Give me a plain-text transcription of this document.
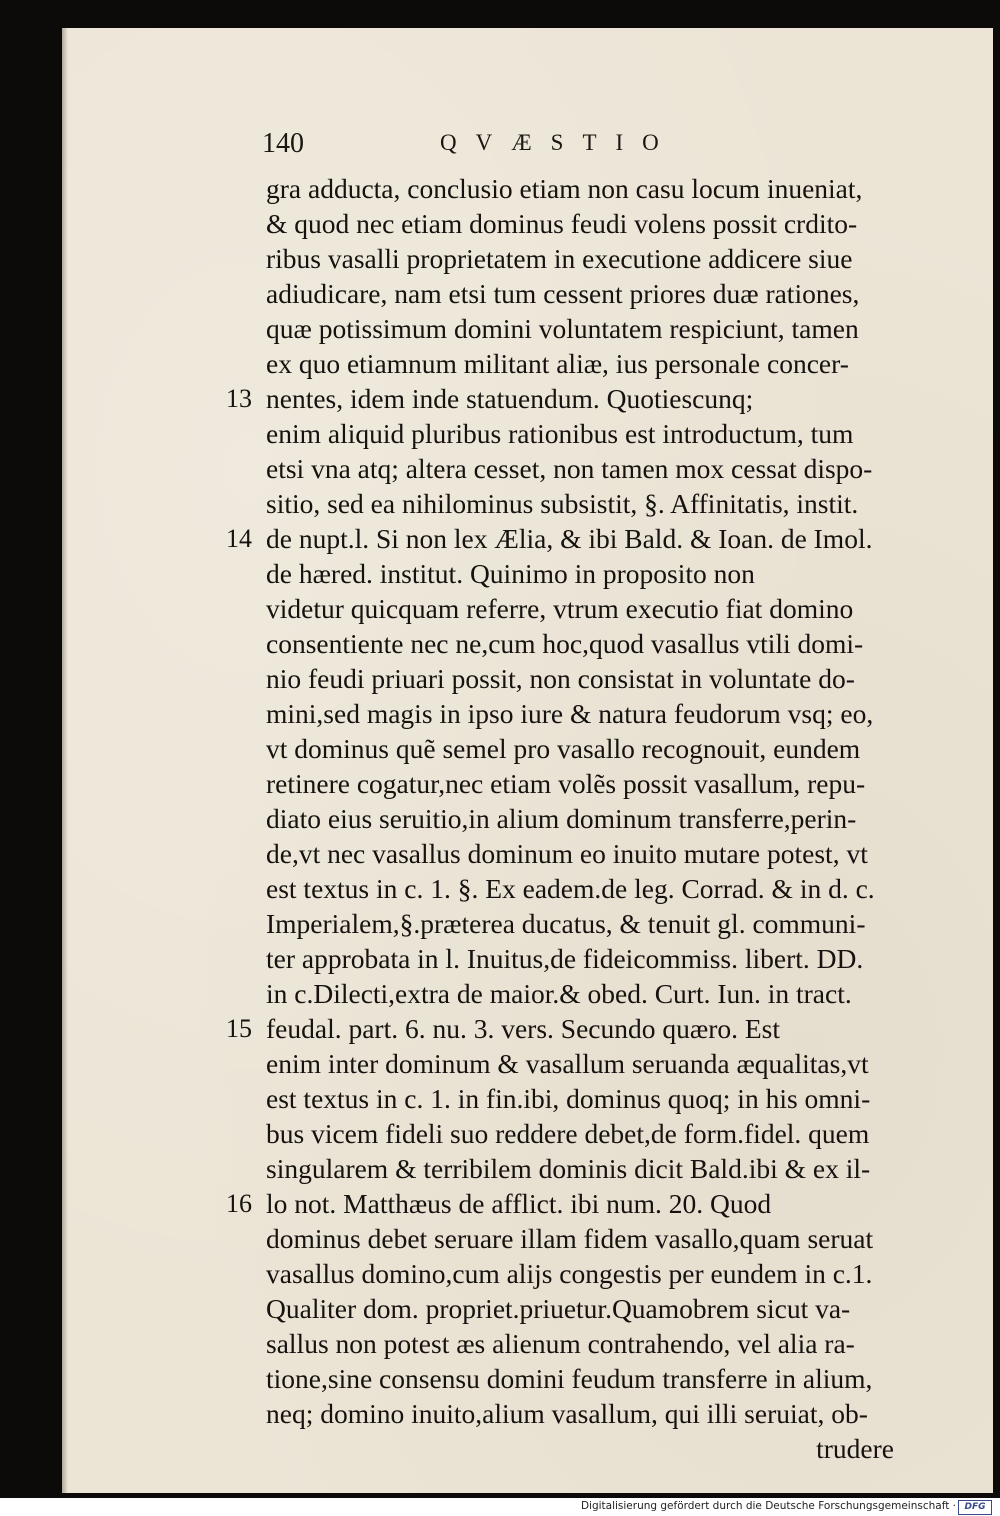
140	QVÆSTIO
gra adducta, conclusio etiam non casu locum inueniat,
& quod nec etiam dominus feudi volens possit crdito-
ribus vasalli proprietatem in executione addicere siue
adiudicare, nam etsi tum cessent priores duæ rationes,
quæ potissimum domini voluntatem respiciunt, tamen
ex quo etiamnum militant aliæ, ius personale concer-
nentes, idem inde statuendum. Quotiescunq;
enim aliquid pluribus rationibus est introductum, tum
etsi vna atq; altera cesset, non tamen mox cessat dispo-
sitio, sed ea nihilominus subsistit, §. Affinitatis, instit.
de nupt.l. Si non lex Ælia, & ibi Bald. & Ioan. de Imol.
de hæred. institut. Quinimo in proposito non
videtur quicquam referre, vtrum executio fiat domino
consentiente nec ne,cum hoc,quod vasallus vtili domi-
nio feudi priuari possit, non consistat in voluntate do-
mini,sed magis in ipso iure & natura feudorum vsq; eo,
vt dominus quẽ semel pro vasallo recognouit, eundem
retinere cogatur,nec etiam volẽs possit vasallum, repu-
diato eius seruitio,in alium dominum transferre,perin-
de,vt nec vasallus dominum eo inuito mutare potest, vt
est textus in c. 1. §. Ex eadem.de leg. Corrad. & in d. c.
Imperialem,§.præterea ducatus, & tenuit gl. communi-
ter approbata in l. Inuitus,de fideicommiss. libert. DD.
in c.Dilecti,extra de maior.& obed. Curt. Iun. in tract.
feudal. part. 6. nu. 3. vers. Secundo quæro. Est
enim inter dominum & vasallum seruanda æqualitas,vt
est textus in c. 1. in fin.ibi, dominus quoq; in his omni-
bus vicem fideli suo reddere debet,de form.fidel. quem
singularem & terribilem dominis dicit Bald.ibi & ex il-
lo not. Matthæus de afflict. ibi num. 20. Quod
dominus debet seruare illam fidem vasallo,quam seruat
vasallus domino,cum alijs congestis per eundem in c.1.
Qualiter dom. propriet.priuetur.Quamobrem sicut va-
sallus non potest æs alienum contrahendo, vel alia ra-
tione,sine consensu domini feudum transferre in alium,
neq; domino inuito,alium vasallum, qui illi seruiat, ob-
trudere
13
14
15
16
Digitalisierung gefördert durch die Deutsche Forschungsgemeinschaft · DFG
